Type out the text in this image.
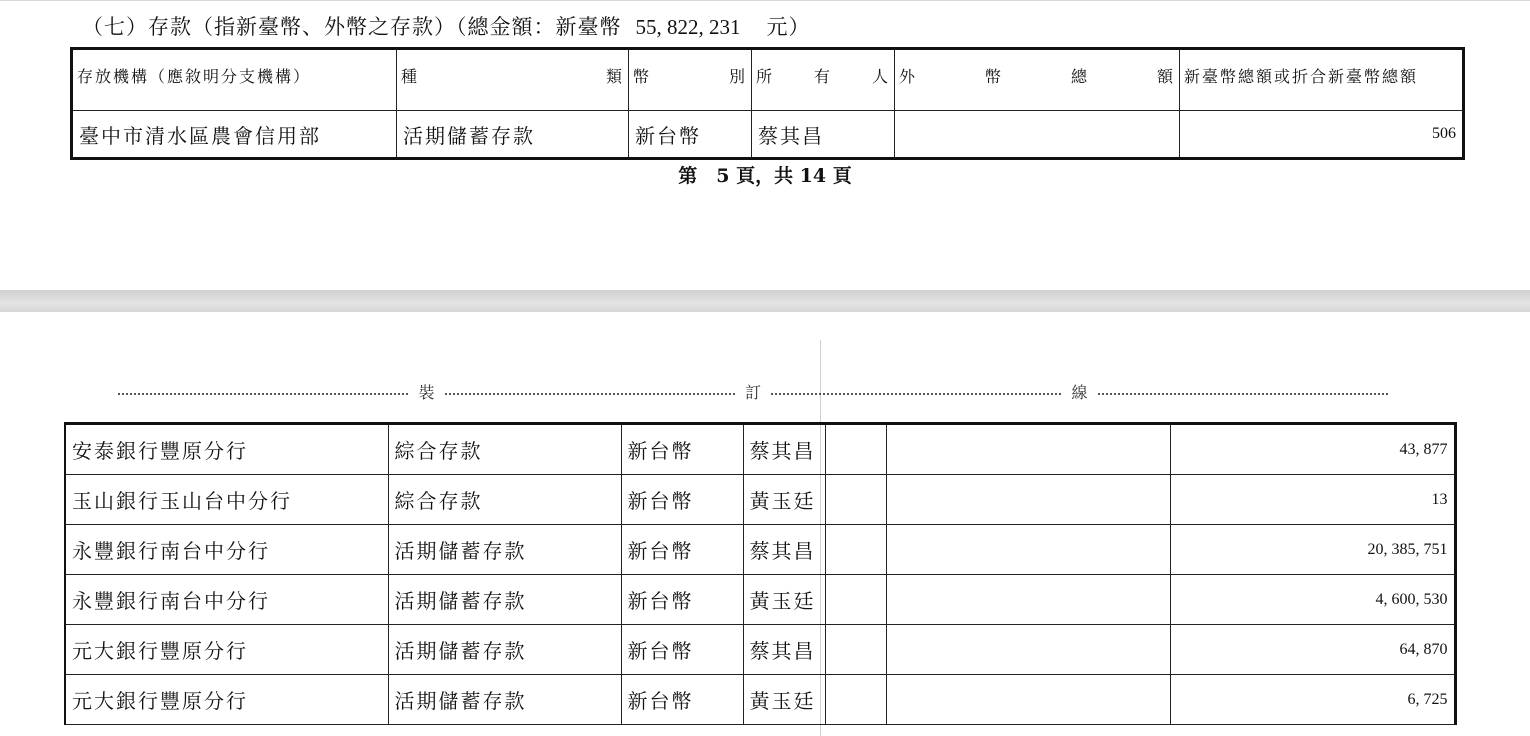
（七）存款（指新臺幣、外幣之存款）（總金額：新臺幣 55, 822, 231 元）
存放機構（應敘明分支機構）	種 類	幣 別	所 有 人	外 幣 總 額	新臺幣總額或折合新臺幣總額
臺中市清水區農會信用部	活期儲蓄存款	新台幣	蔡其昌		506
第　5 頁，共 14 頁
裝	訂	線
安泰銀行豐原分行	綜合存款	新台幣	蔡其昌			43, 877
玉山銀行玉山台中分行	綜合存款	新台幣	黃玉廷			13
永豐銀行南台中分行	活期儲蓄存款	新台幣	蔡其昌			20, 385, 751
永豐銀行南台中分行	活期儲蓄存款	新台幣	黃玉廷			4, 600, 530
元大銀行豐原分行	活期儲蓄存款	新台幣	蔡其昌			64, 870
元大銀行豐原分行	活期儲蓄存款	新台幣	黃玉廷			6, 725
